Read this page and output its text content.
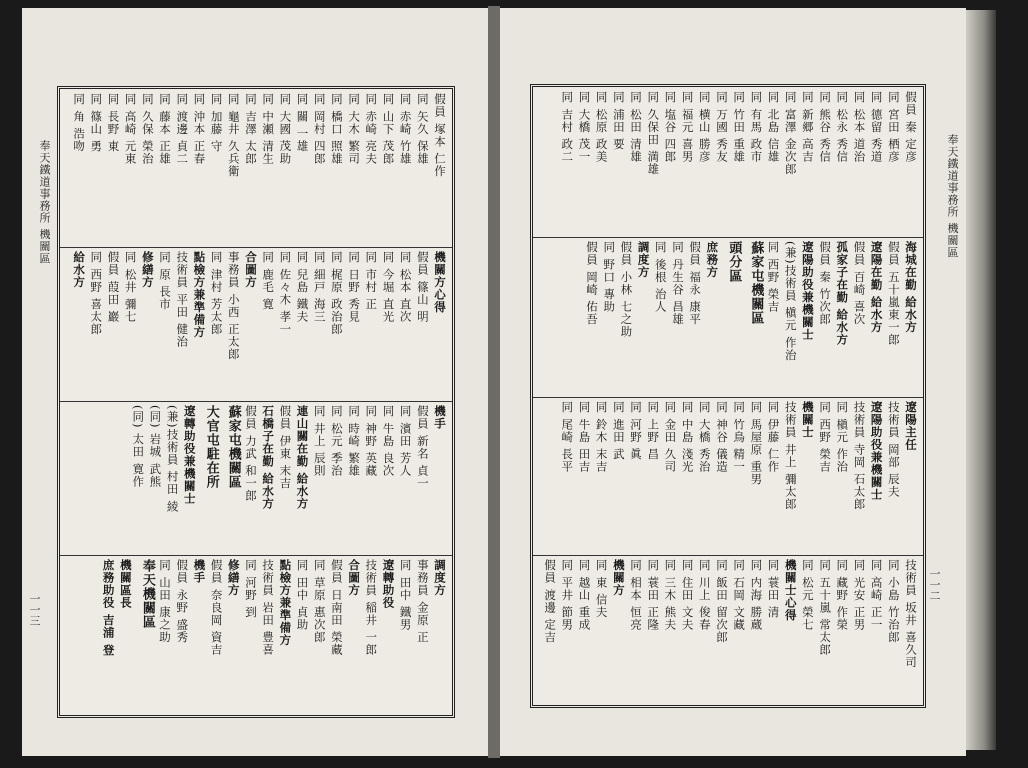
奉天鐵道事務所 機關區
一一二
假員 秦 定彦
同 宮田 栖彦
同 德留 秀道
同 松本 道治
同 松永 秀信
同 熊谷 秀信
同 新郷 高吉
同 富澤 金次郎
同 北島 信雄
同 有馬 政市
同 竹田 重雄
同 万國 秀友
同 横山 勝彦
同 福元 喜男
同 塩谷 四郎
同 久保田 満雄
同 松田 清雄
同 浦田 要
同 松原 政美
同 大橋 茂一
同 吉村 政二
海城在勤 給水方
假員 五十嵐東一郎
遼陽在勤 給水方
假員 百崎 喜次
孤家子在勤 給水方
假員 秦 竹次郎
遼陽助役兼機關士
(兼)技術員 槇元 作治
同 西野 榮吉
蘇家屯機關區
頭分區
庶務方
假員 福永 康平
同 丹生谷 昌雄
同 後根 治人
調度方
假員 小林 七之助
同 野口 專助
假員 岡崎 佑吾
遼陽主任
技術員 岡部 辰夫
遼陽助役兼機關士
技術員 寺岡 石太郎
同 槇元 作治
同 西野 榮吉
機關士
技術員 井上 彌太郎
同 伊藤 仁作
同 馬屋原 重男
同 竹鳥 精一
同 神谷 儀造
同 大橋 秀治
同 中島 淺光
同 金田 久司
同 上野 昌
同 河野 眞
同 進田 武
同 鈴木 末吉
同 牛島 田吉
同 尾崎 長平
技術員 坂井 喜久司
同 小島 竹治郎
同 高崎 正一
同 光安 正男
同 藏野 作榮
同 五十嵐 常太郎
同 松元 榮七
機關士心得
同 蓑田 清
同 内海 勝蔵
同 石岡 文藏
同 飯田 留次郎
同 川上 俊春
同 住田 文夫
同 三木 熊夫
同 蓑田 正隆
同 相本 恒亮
機關方
同 東 信夫
同 越山 重成
同 平井 節男
假員 渡邊 定吉
奉天鐵道事務所 機關區
一一三
假員 塚本 仁作
同 矢久 保雄
同 赤崎 竹雄
同 山下 茂郎
同 赤崎 亮夫
同 大木 繁司
同 橋口 照雄
同 岡村 四郎
同 關 一雄
同 大國 茂助
同 中瀬 清生
同 吉澤 太郎
同 龜井 久兵衛
同 加藤 守
同 沖本 正春
同 渡邊 貞二
同 藤本 正雄
同 久保 榮治
同 高崎 元東
同 長野 東
同 篠山 勇
同 角 浩吻
機關方心得
假員 篠山 明
同 松本 直次
同 今堀 直光
同 市村 正
同 日野 秀見
同 梶原 政治郎
同 細戸 海三
同 兒島 鐵夫
同 佐々木 孝一
同 鹿毛 寛
合圖方
事務員 小西 正太郎
同 津村 芳太郎
點檢方兼準備方
技術員 平田 健治
同 原 長市
修繕方
同 松井 彌七
假員 葭田 巖
同 西野 喜太郎
給水方
機手
假員 新名 貞一
同 濱田 芳人
同 牛島 良次
同 神野 英藏
同 時崎 繁雄
同 松元 季治
同 井上 辰則
連山關在勤 給水方
假員 伊東 末吉
石橋子在勤 給水方
假員 力武 和一郎
蘇家屯機關區
大官屯駐在所
遼轉助役兼機關士
(兼)技術員 村田 綾
(同) 岩城 武熊
(同) 太田 寛作
調度方
事務員 金原 正
同 田中 鐵男
遼轉助役
技術員 稲井 一郎
合圖方
假員 日南田 榮藏
同 草原 惠次郎
同 田中 貞助
點檢方兼準備方
技術員 岩田 豊喜
同 河野 到
修繕方
假員 奈良岡 資吉
機手
假員 永野 盛秀
同 山田 康之助
奉天機關區
機關區長
庶務助役 吉浦 登
